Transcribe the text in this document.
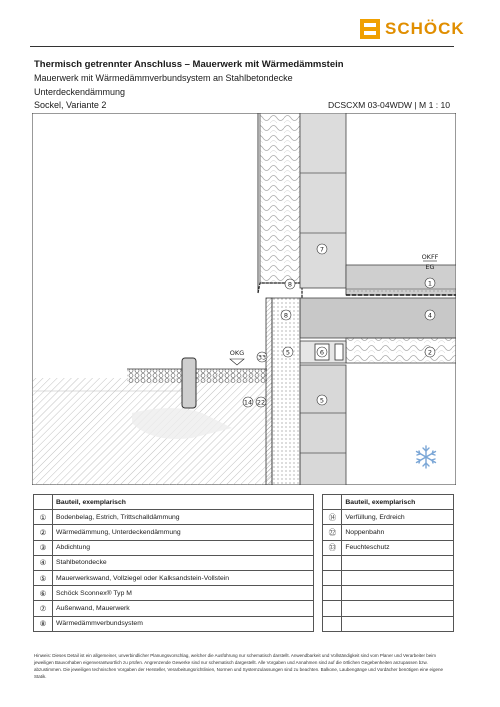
SCHÖCK
Thermisch getrennter Anschluss – Mauerwerk mit Wärmedämmstein
Mauerwerk mit Wärmedämmverbundsystem an Stahlbetondecke
Unterdeckendämmung
Sockel, Variante 2	DCSCXM 03-04WDW | M 1 : 10
8
7
1
8	4
33
5	6	2
14 22	5
OKFF
EG
OKG
	Bauteil, exemplarisch			Bauteil, exemplarisch
①	Bodenbelag, Estrich, Trittschalldämmung		⑭	Verfüllung, Erdreich
②	Wärmedämmung, Unterdeckendämmung		㉒	Noppenbahn
③	Abdichtung		㉝	Feuchteschutz
④	Stahlbetondecke			
⑤	Mauerwerkswand, Vollziegel oder Kalksandstein-Vollstein			
⑥	Schöck Sconnex® Typ M			
⑦	Außenwand, Mauerwerk			
⑧	Wärmedämmverbundsystem			
Hinweis: Dieses Detail ist ein allgemeiner, unverbindlicher Planungsvorschlag, welcher die Ausführung nur schematisch darstellt. Anwendbarkeit und Vollständigkeit sind vom Planer und Verarbeiter beim jeweiligen Bauvorhaben eigenverantwortlich zu prüfen. Angrenzende Gewerke sind nur schematisch dargestellt. Alle Vorgaben und Annahmen sind auf die örtlichen Gegebenheiten anzupassen bzw. abzustimmen. Die jeweiligen technischen Vorgaben der Hersteller, Verarbeitungsrichtlinien, Normen und Systemzulassungen sind zu beachten. Balkone, Laubengänge und Vordächer benötigen eine eigene Statik.
